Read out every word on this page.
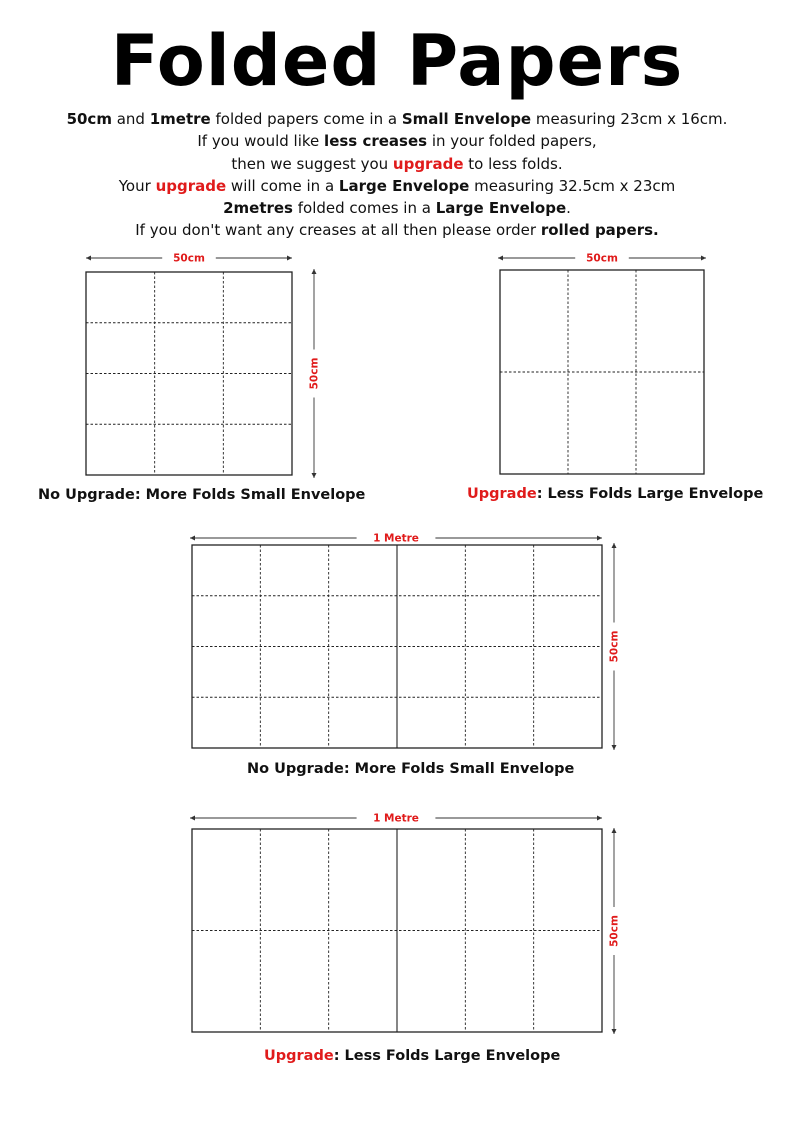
Folded Papers

50cm and 1metre folded papers come in a Small Envelope measuring 23cm x 16cm.

If you would like less creases in your folded papers,

then we suggest you upgrade to less folds.

Your upgrade will come in a Large Envelope measuring 32.5cm x 23cm

2metres folded comes in a Large Envelope.

If you don't want any creases at all then please order rolled papers.

50cm
50cm
No Upgrade: More Folds Small Envelope
50cm
Upgrade: Less Folds Large Envelope
1 Metre
50cm
No Upgrade: More Folds Small Envelope
1 Metre
50cm
Upgrade: Less Folds Large Envelope
